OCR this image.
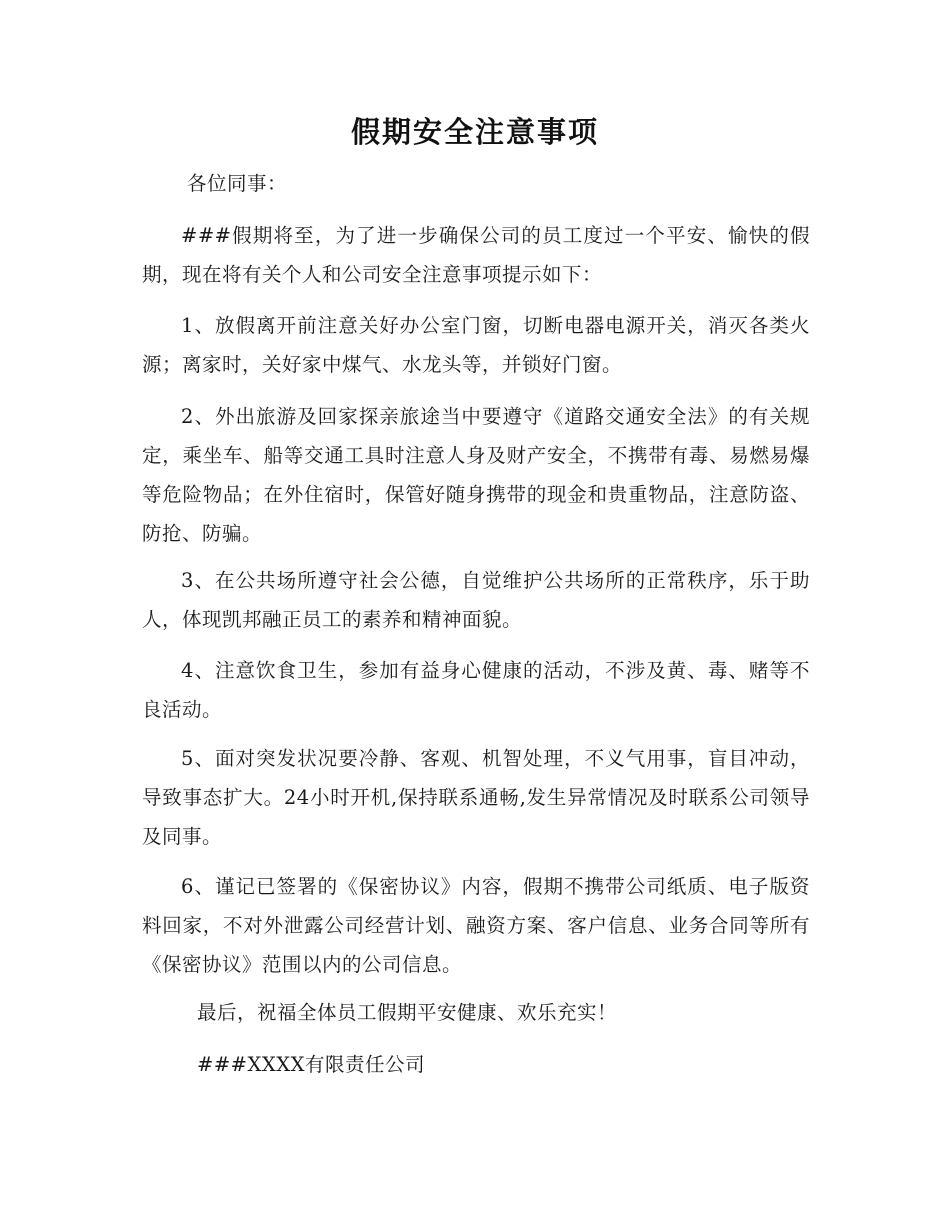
假期安全注意事项
各位同事：
###假期将至，为了进一步确保公司的员工度过一个平安、愉快的假期，现在将有关个人和公司安全注意事项提示如下：
1、放假离开前注意关好办公室门窗，切断电器电源开关，消灭各类火源；离家时，关好家中煤气、水龙头等，并锁好门窗。
2、外出旅游及回家探亲旅途当中要遵守《道路交通安全法》的有关规定，乘坐车、船等交通工具时注意人身及财产安全，不携带有毒、易燃易爆等危险物品；在外住宿时，保管好随身携带的现金和贵重物品，注意防盗、防抢、防骗。
3、在公共场所遵守社会公德，自觉维护公共场所的正常秩序，乐于助人，体现凯邦融正员工的素养和精神面貌。
4、注意饮食卫生，参加有益身心健康的活动，不涉及黄、毒、赌等不良活动。
5、面对突发状况要冷静、客观、机智处理，不义气用事，盲目冲动，导致事态扩大。24小时开机,保持联系通畅,发生异常情况及时联系公司领导及同事。
6、谨记已签署的《保密协议》内容，假期不携带公司纸质、电子版资料回家，不对外泄露公司经营计划、融资方案、客户信息、业务合同等所有《保密协议》范围以内的公司信息。
最后，祝福全体员工假期平安健康、欢乐充实！
###XXXX有限责任公司
